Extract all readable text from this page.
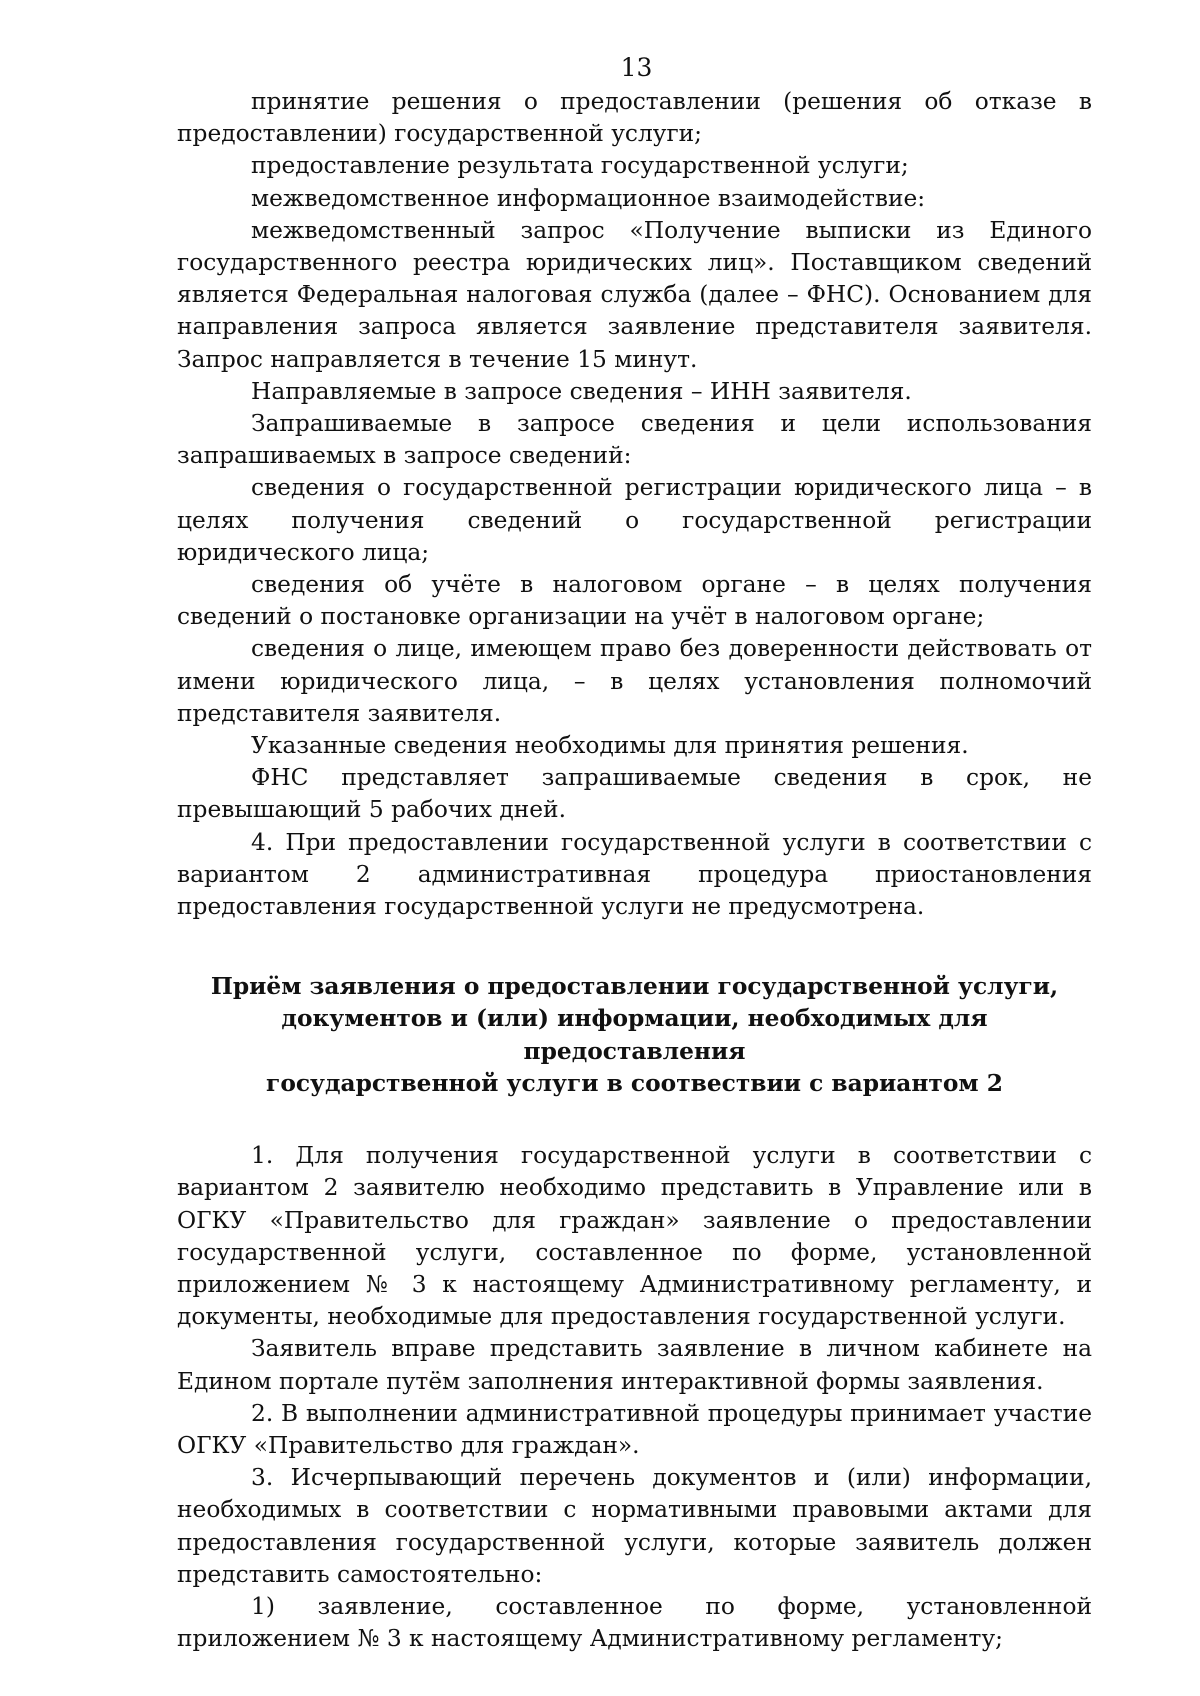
13

принятие решения о предоставлении (решения об отказе в предоставлении) государственной услуги;

предоставление результата государственной услуги;

межведомственное информационное взаимодействие:

межведомственный запрос «Получение выписки из Единого государственного реестра юридических лиц». Поставщиком сведений является Федеральная налоговая служба (далее – ФНС). Основанием для направления запроса является заявление представителя заявителя. Запрос направляется в течение 15 минут.

Направляемые в запросе сведения – ИНН заявителя.

Запрашиваемые в запросе сведения и цели использования запрашиваемых в запросе сведений:

сведения о государственной регистрации юридического лица – в целях получения сведений о государственной регистрации юридического лица;

сведения об учёте в налоговом органе – в целях получения сведений о постановке организации на учёт в налоговом органе;

сведения о лице, имеющем право без доверенности действовать от имени юридического лица, – в целях установления полномочий представителя заявителя.

Указанные сведения необходимы для принятия решения.

ФНС представляет запрашиваемые сведения в срок, не превышающий 5 рабочих дней.

4. При предоставлении государственной услуги в соответствии с вариантом 2 административная процедура приостановления предоставления государственной услуги не предусмотрена.

Приём заявления о предоставлении государственной услуги,
документов и (или) информации, необходимых для предоставления
государственной услуги в соотвествии с вариантом 2

1. Для получения государственной услуги в соответствии с вариантом 2 заявителю необходимо представить в Управление или в ОГКУ «Правительство для граждан» заявление о предоставлении государственной услуги, составленное по форме, установленной приложением № 3 к настоящему Административному регламенту, и документы, необходимые для предоставления государственной услуги.

Заявитель вправе представить заявление в личном кабинете на Едином портале путём заполнения интерактивной формы заявления.

2. В выполнении административной процедуры принимает участие ОГКУ «Правительство для граждан».

3. Исчерпывающий перечень документов и (или) информации, необходимых в соответствии с нормативными правовыми актами для предоставления государственной услуги, которые заявитель должен представить самостоятельно:

1) заявление, составленное по форме, установленной приложением № 3 к настоящему Административному регламенту;
